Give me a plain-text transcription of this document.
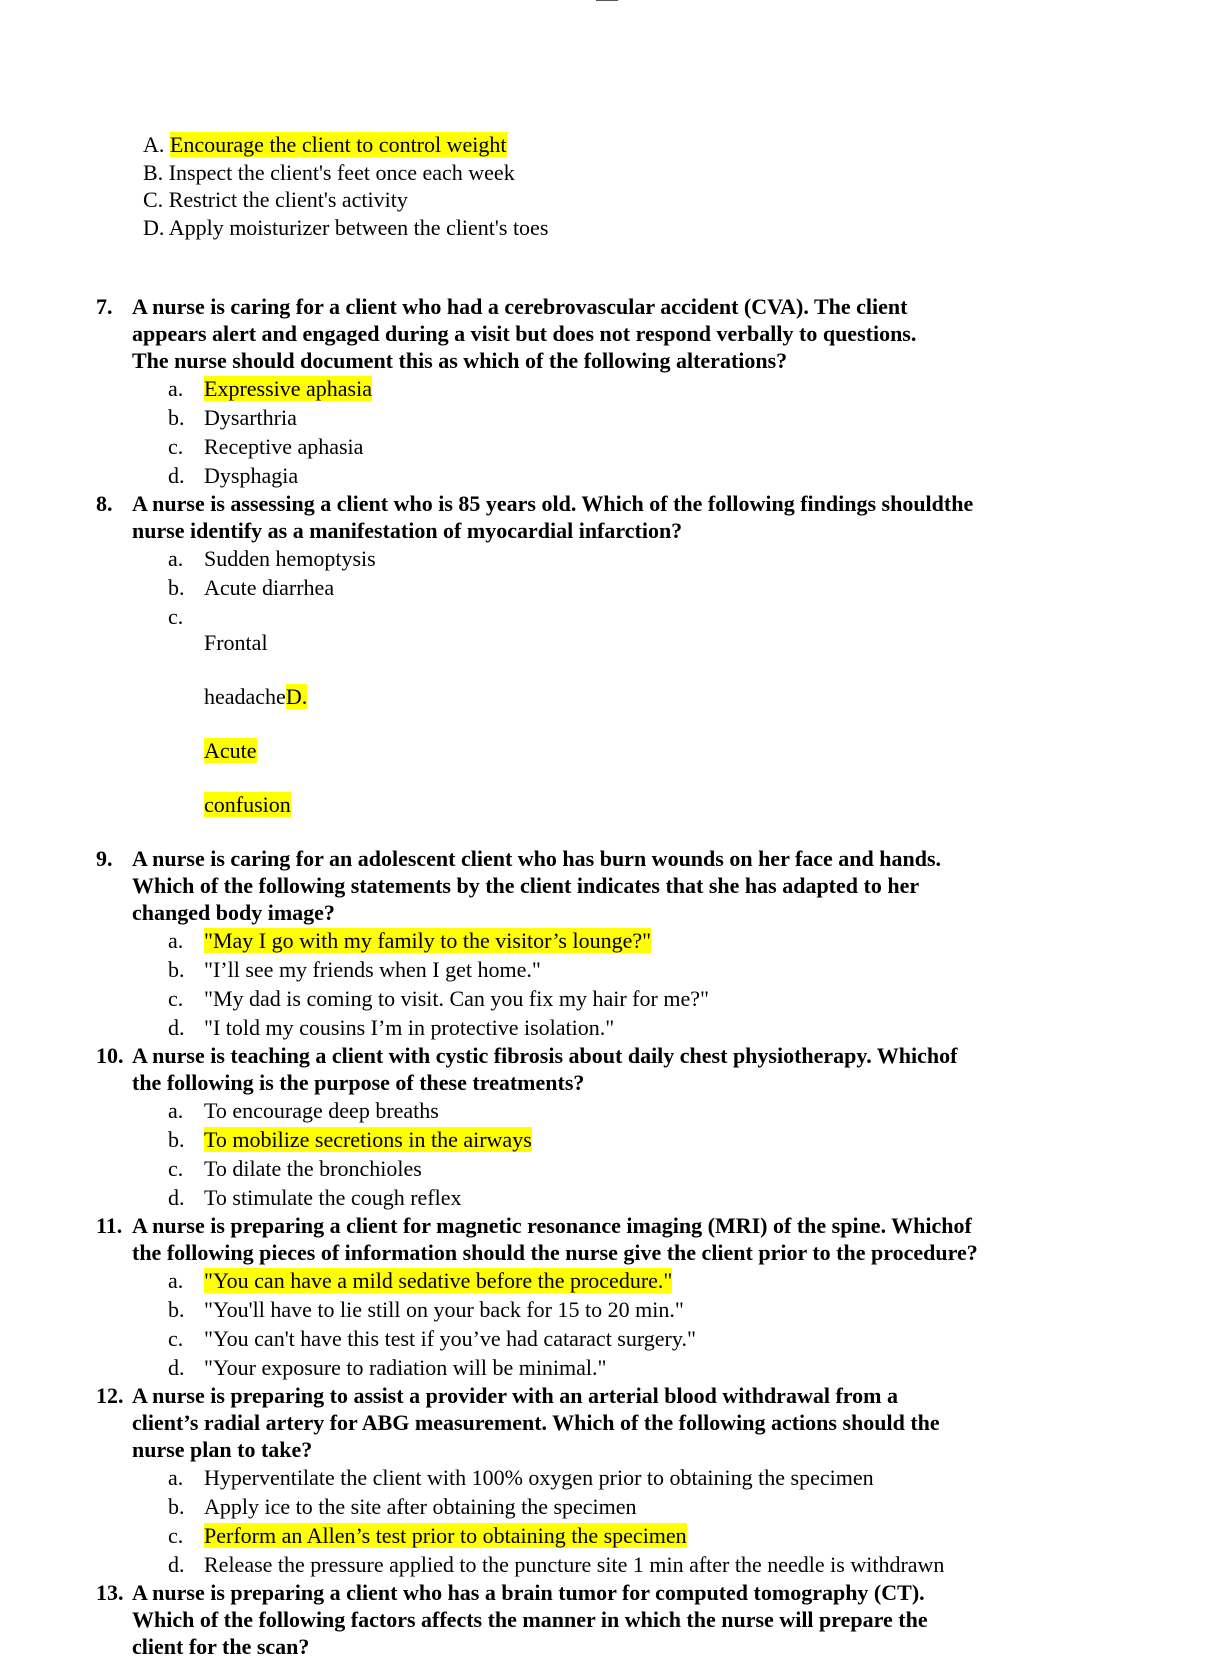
A. Encourage the client to control weight
B. Inspect the client's feet once each week
C. Restrict the client's activity
D. Apply moisturizer between the client's toes
7. A nurse is caring for a client who had a cerebrovascular accident (CVA). The client
appears alert and engaged during a visit but does not respond verbally to questions.
The nurse should document this as which of the following alterations?
a. Expressive aphasia
b. Dysarthria
c. Receptive aphasia
d. Dysphagia
8. A nurse is assessing a client who is 85 years old. Which of the following findings shouldthe
nurse identify as a manifestation of myocardial infarction?
a. Sudden hemoptysis
b. Acute diarrhea
c.

Frontal

headacheD.

Acute

confusion

9. A nurse is caring for an adolescent client who has burn wounds on her face and hands.
Which of the following statements by the client indicates that she has adapted to her
changed body image?
a. "May I go with my family to the visitor’s lounge?"
b. "I’ll see my friends when I get home."
c. "My dad is coming to visit. Can you fix my hair for me?"
d. "I told my cousins I’m in protective isolation."
10. A nurse is teaching a client with cystic fibrosis about daily chest physiotherapy. Whichof
the following is the purpose of these treatments?
a. To encourage deep breaths
b. To mobilize secretions in the airways
c. To dilate the bronchioles
d. To stimulate the cough reflex
11. A nurse is preparing a client for magnetic resonance imaging (MRI) of the spine. Whichof
the following pieces of information should the nurse give the client prior to the procedure?
a. "You can have a mild sedative before the procedure."
b. "You'll have to lie still on your back for 15 to 20 min."
c. "You can't have this test if you’ve had cataract surgery."
d. "Your exposure to radiation will be minimal."
12. A nurse is preparing to assist a provider with an arterial blood withdrawal from a
client’s radial artery for ABG measurement. Which of the following actions should the
nurse plan to take?
a. Hyperventilate the client with 100% oxygen prior to obtaining the specimen
b. Apply ice to the site after obtaining the specimen
c. Perform an Allen’s test prior to obtaining the specimen
d. Release the pressure applied to the puncture site 1 min after the needle is withdrawn
13. A nurse is preparing a client who has a brain tumor for computed tomography (CT).
Which of the following factors affects the manner in which the nurse will prepare the
client for the scan?
